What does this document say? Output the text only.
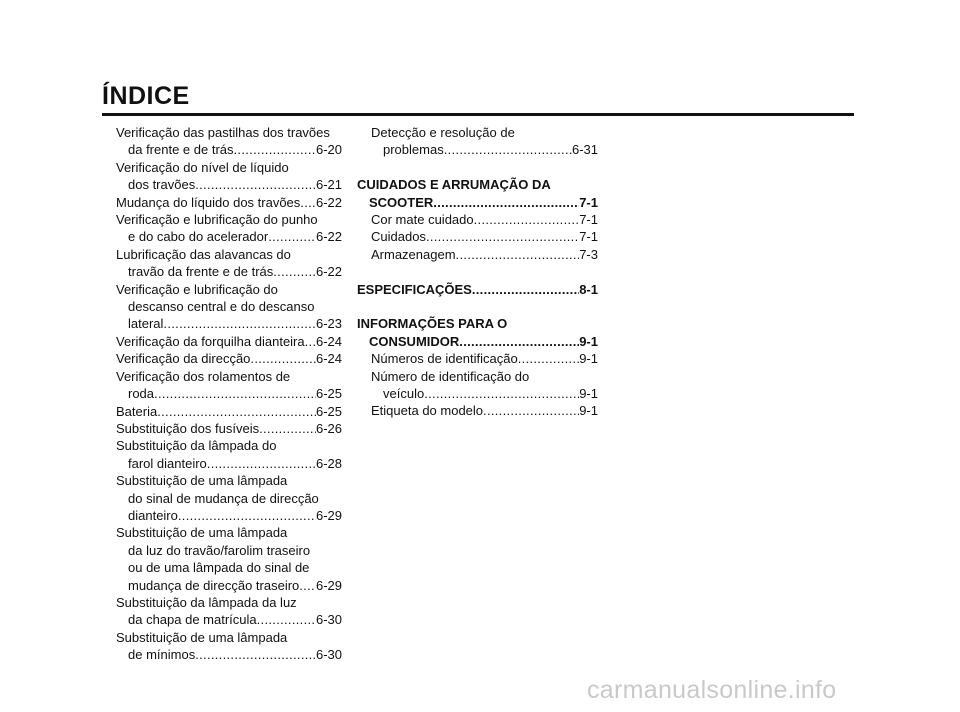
ÍNDICE
Verificação das pastilhas dos travões
da frente e de trás .....	6-20
Verificação do nível de líquido
dos travões .....	6-21
Mudança do líquido dos travões ..... 6-22
Verificação e lubrificação do punho
e do cabo do acelerador .....	6-22
Lubrificação das alavancas do
travão da frente e de trás .....	6-22
Verificação e lubrificação do
descanso central e do descanso
lateral .....	6-23
Verificação da forquilha dianteira ..... 6-24
Verificação da direcção .....	6-24
Verificação dos rolamentos de
roda .....	6-25
Bateria .....	6-25
Substituição dos fusíveis .....	6-26
Substituição da lâmpada do
farol dianteiro .....	6-28
Substituição de uma lâmpada
do sinal de mudança de direcção
dianteiro .....	6-29
Substituição de uma lâmpada
da luz do travão/farolim traseiro
ou de uma lâmpada do sinal de
mudança de direcção traseiro ..... 6-29
Substituição da lâmpada da luz
da chapa de matrícula .....	6-30
Substituição de uma lâmpada
de mínimos .....	6-30
Detecção e resolução de
problemas .....	6-31
CUIDADOS E ARRUMAÇÃO DA
SCOOTER .....	7-1
Cor mate cuidado .....	7-1
Cuidados .....	7-1
Armazenagem .....	7-3
ESPECIFICAÇÕES .....	8-1
INFORMAÇÕES PARA O
CONSUMIDOR .....	9-1
Números de identificação .....	9-1
Número de identificação do
veículo .....	9-1
Etiqueta do modelo .....	9-1
carmanualsonline.info
